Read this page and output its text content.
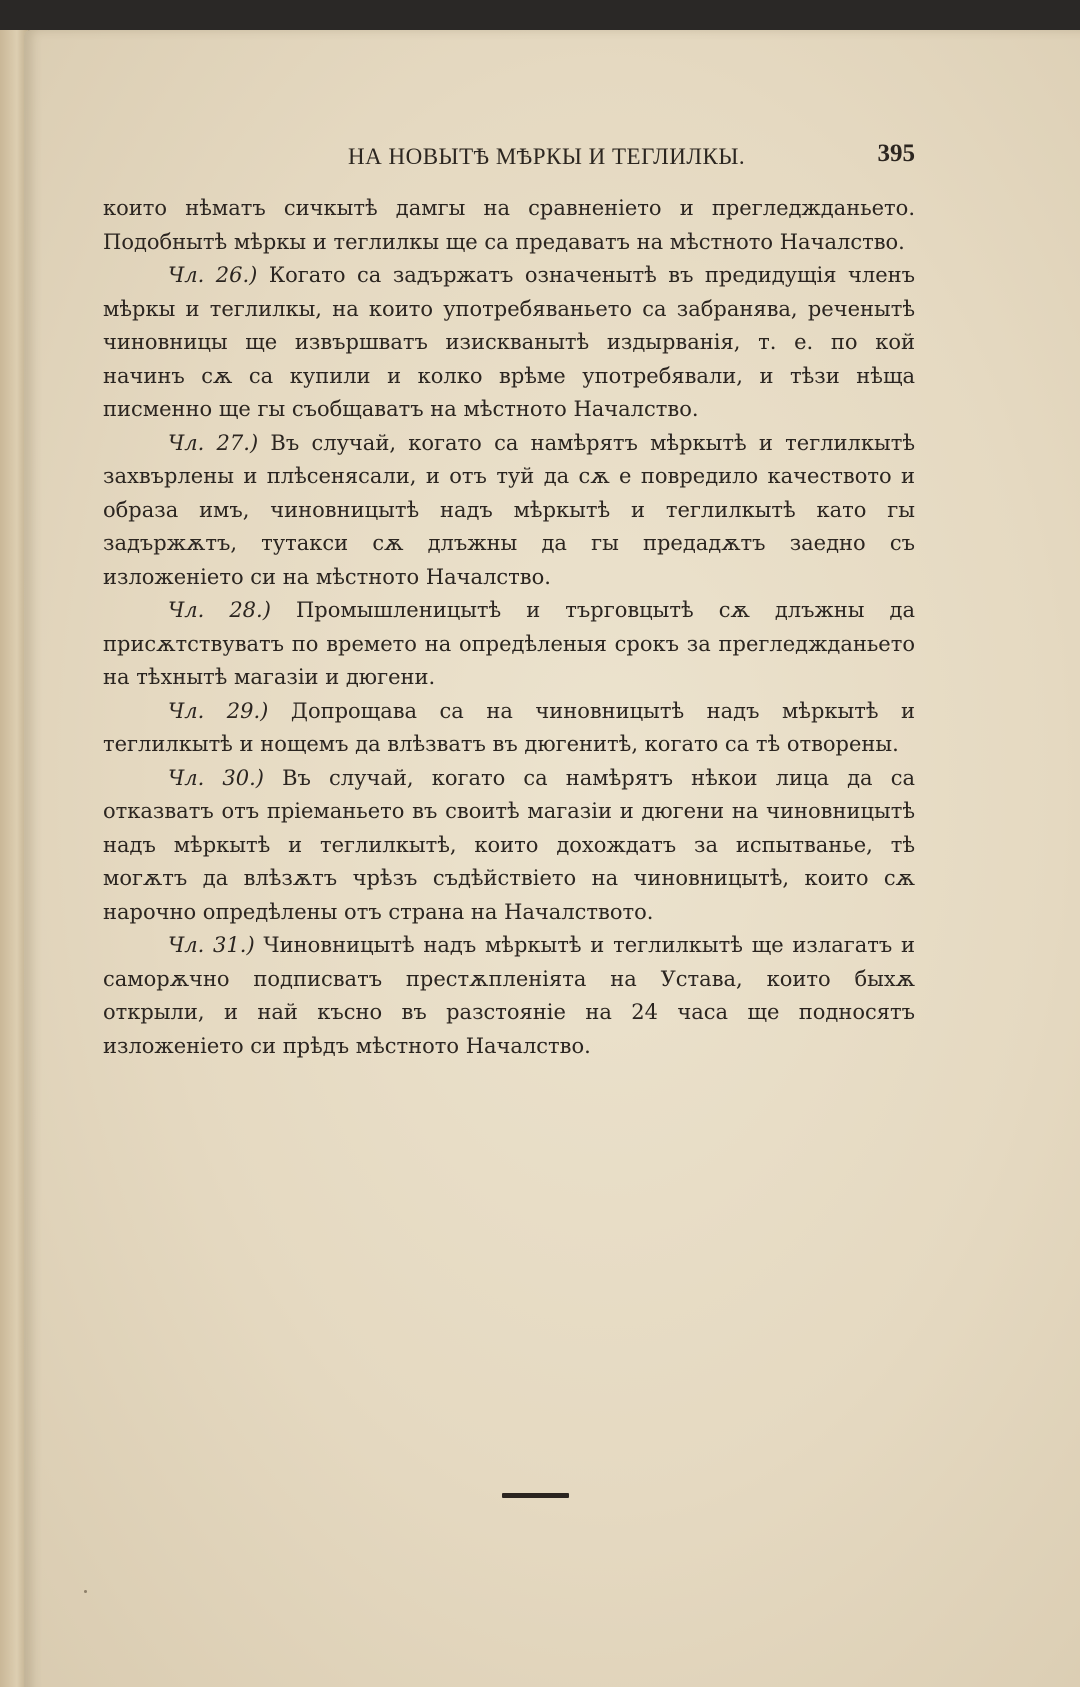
НА НОВЫТѢ МѢРКЫ И ТЕГЛИЛКЫ.	395

които нѣматъ сичкытѣ дамгы на сравненіето и прегледжданьето. Подобнытѣ мѣркы и теглилкы ще са предаватъ на мѣстното Началство.

Чл. 26.) Когато са задържатъ означенытѣ въ предидущія членъ мѣркы и теглилкы, на които употребяваньето са забранява, реченытѣ чиновницы ще извършватъ изискванытѣ издырванія, т. е. по кой начинъ сѫ са купили и колко врѣме употребявали, и тѣзи нѣща писменно ще гы съобщаватъ на мѣстното Началство.

Чл. 27.) Въ случай, когато са намѣрятъ мѣркытѣ и теглилкытѣ захвърлены и плѣсенясали, и отъ туй да сѫ е повредило качеството и образа имъ, чиновницытѣ надъ мѣркытѣ и теглилкытѣ като гы задържѫтъ, тутакси сѫ длъжны да гы предадѫтъ заедно съ изложеніето си на мѣстното Началство.

Чл. 28.) Промышленицытѣ и търговцытѣ сѫ длъжны да присѫтствуватъ по времето на опредѣленыя срокъ за прегледжданьето на тѣхнытѣ магазіи и дюгени.

Чл. 29.) Допрощава са на чиновницытѣ надъ мѣркытѣ и теглилкытѣ и нощемъ да влѣзватъ въ дюгенитѣ, когато са тѣ отворены.

Чл. 30.) Въ случай, когато са намѣрятъ нѣкои лица да са отказватъ отъ пріеманьето въ своитѣ магазіи и дюгени на чиновницытѣ надъ мѣркытѣ и теглилкытѣ, които дохождатъ за испытванье, тѣ могѫтъ да влѣзѫтъ чрѣзъ съдѣйствіето на чиновницытѣ, които сѫ нарочно опредѣлены отъ страна на Началството.

Чл. 31.) Чиновницытѣ надъ мѣркытѣ и теглилкытѣ ще излагатъ и саморѫчно подписватъ престѫпленіята на Устава, които быхѫ открыли, и най късно въ разстояніе на 24 часа ще подносятъ изложеніето си прѣдъ мѣстното Началство.
